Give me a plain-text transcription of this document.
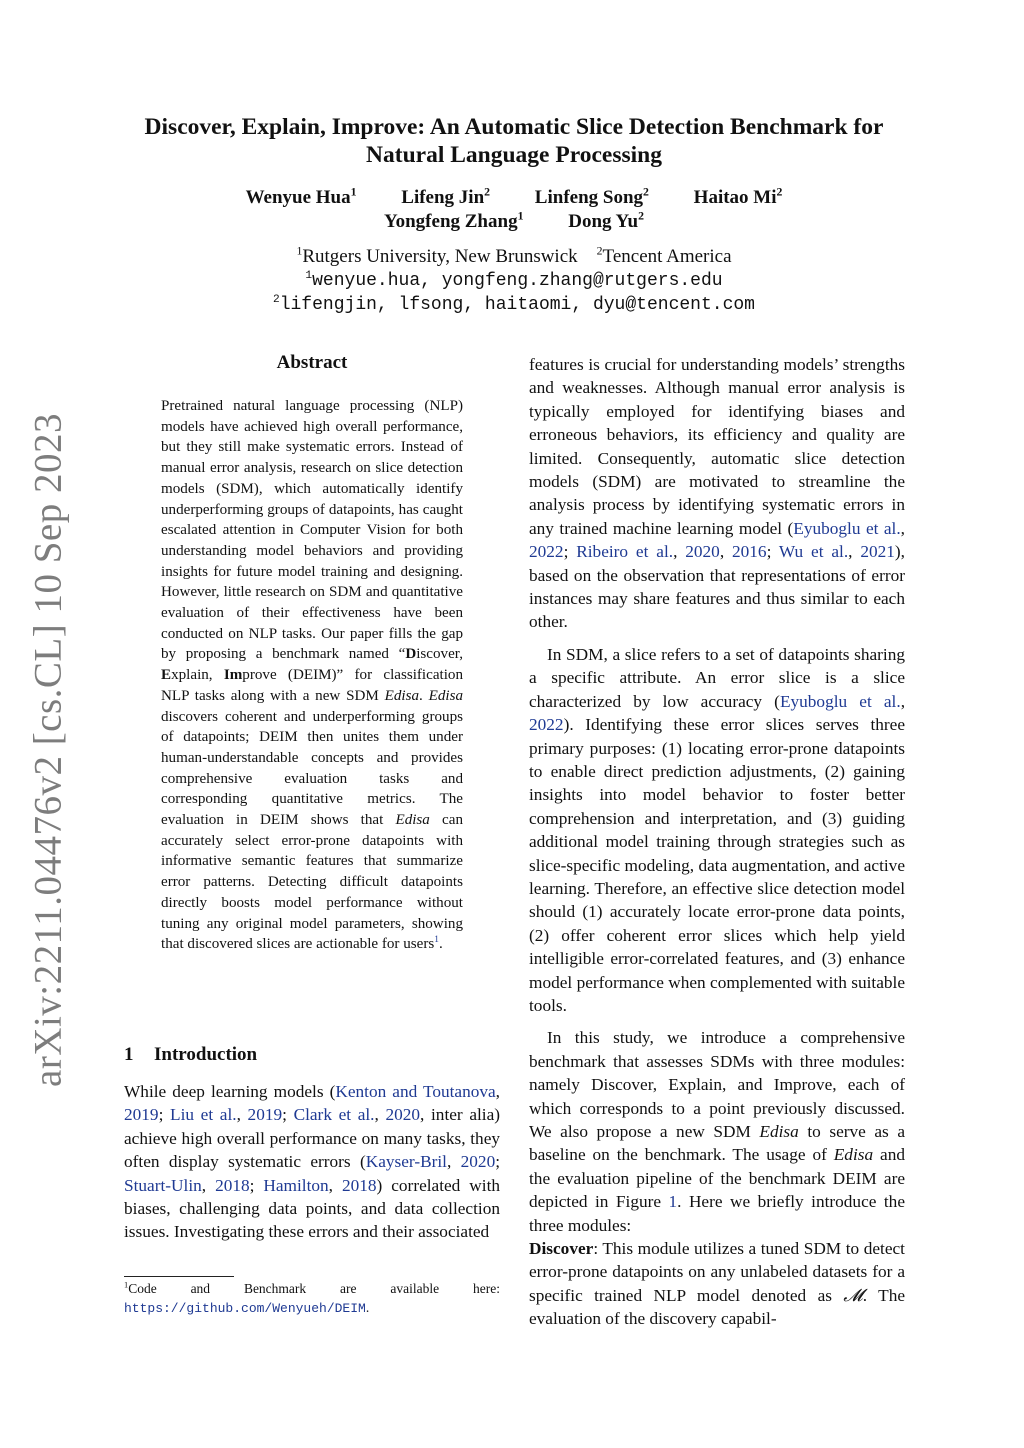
arXiv:2211.04476v2 [cs.CL] 10 Sep 2023
Discover, Explain, Improve: An Automatic Slice Detection Benchmark for
Natural Language Processing
Wenyue Hua$^1$ Lifeng Jin$^2$ Linfeng Song$^2$ Haitao Mi$^2$
Yongfeng Zhang$^1$ Dong Yu$^2$
$^1$Rutgers University, New Brunswick $^2$Tencent America
$^1$wenyue.hua, yongfeng.zhang@rutgers.edu
$^2$lifengjin, lfsong, haitaomi, dyu@tencent.com
Abstract

Pretrained natural language processing (NLP) models have achieved high overall performance, but they still make systematic errors. Instead of manual error analysis, research on slice detection models (SDM), which automatically identify underperforming groups of datapoints, has caught escalated attention in Computer Vision for both understanding model behaviors and providing insights for future model training and designing. However, little research on SDM and quantitative evaluation of their effectiveness have been conducted on NLP tasks. Our paper fills the gap by proposing a benchmark named “Discover, Explain, Improve (DEIM)” for classification NLP tasks along with a new SDM Edisa. Edisa discovers coherent and underperforming groups of datapoints; DEIM then unites them under human-understandable concepts and provides comprehensive evaluation tasks and corresponding quantitative metrics. The evaluation in DEIM shows that Edisa can accurately select error-prone datapoints with informative semantic features that summarize error patterns. Detecting difficult datapoints directly boosts model performance without tuning any original model parameters, showing that discovered slices are actionable for users$^1$.

1 Introduction

While deep learning models (Kenton and Toutanova, 2019; Liu et al., 2019; Clark et al., 2020, inter alia) achieve high overall performance on many tasks, they often display systematic errors (Kayser-Bril, 2020; Stuart-Ulin, 2018; Hamilton, 2018) correlated with biases, challenging data points, and data collection issues. Investigating these errors and their associated

$^1$Code and Benchmark are available here: https://github.com/Wenyueh/DEIM.

features is crucial for understanding models’ strengths and weaknesses. Although manual error analysis is typically employed for identifying biases and erroneous behaviors, its efficiency and quality are limited. Consequently, automatic slice detection models (SDM) are motivated to streamline the analysis process by identifying systematic errors in any trained machine learning model (Eyuboglu et al., 2022; Ribeiro et al., 2020, 2016; Wu et al., 2021), based on the observation that representations of error instances may share features and thus similar to each other.

In SDM, a slice refers to a set of datapoints sharing a specific attribute. An error slice is a slice characterized by low accuracy (Eyuboglu et al., 2022). Identifying these error slices serves three primary purposes: (1) locating error-prone datapoints to enable direct prediction adjustments, (2) gaining insights into model behavior to foster better comprehension and interpretation, and (3) guiding additional model training through strategies such as slice-specific modeling, data augmentation, and active learning. Therefore, an effective slice detection model should (1) accurately locate error-prone data points, (2) offer coherent error slices which help yield intelligible error-correlated features, and (3) enhance model performance when complemented with suitable tools.

In this study, we introduce a comprehensive benchmark that assesses SDMs with three modules: namely Discover, Explain, and Improve, each of which corresponds to a point previously discussed. We also propose a new SDM Edisa to serve as a baseline on the benchmark. The usage of Edisa and the evaluation pipeline of the benchmark DEIM are depicted in Figure 1. Here we briefly introduce the three modules:

Discover: This module utilizes a tuned SDM to detect error-prone datapoints on any unlabeled datasets for a specific trained NLP model denoted as 𝓜. The evaluation of the discovery capabil-
